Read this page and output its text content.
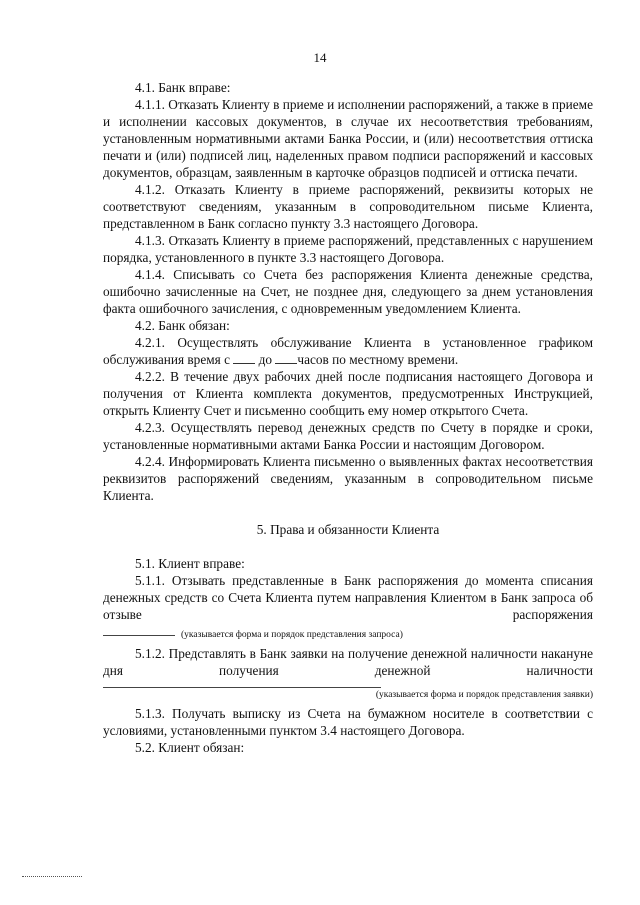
14

4.1. Банк вправе:

4.1.1. Отказать Клиенту в приеме и исполнении распоряжений, а также в приеме и исполнении кассовых документов, в случае их несоответствия требованиям, установленным нормативными актами Банка России, и (или) несоответствия оттиска печати и (или) подписей лиц, наделенных правом подписи распоряжений и кассовых документов, образцам, заявленным в карточке образцов подписей и оттиска печати.

4.1.2. Отказать Клиенту в приеме распоряжений, реквизиты которых не соответствуют сведениям, указанным в сопроводительном письме Клиента, представленном в Банк согласно пункту 3.3 настоящего Договора.

4.1.3. Отказать Клиенту в приеме распоряжений, представленных с нарушением порядка, установленного в пункте 3.3 настоящего Договора.

4.1.4. Списывать со Счета без распоряжения Клиента денежные средства, ошибочно зачисленные на Счет, не позднее дня, следующего за днем установления факта ошибочного зачисления, с одновременным уведомлением Клиента.

4.2. Банк обязан:

4.2.1. Осуществлять обслуживание Клиента в установленное графиком обслуживания время с  до часов по местному времени.

4.2.2. В течение двух рабочих дней после подписания настоящего Договора и получения от Клиента комплекта документов, предусмотренных Инструкцией, открыть Клиенту Счет и письменно сообщить ему номер открытого Счета.

4.2.3. Осуществлять перевод денежных средств по Счету в порядке и сроки, установленные нормативными актами Банка России и настоящим Договором.

4.2.4. Информировать Клиента письменно о выявленных фактах несоответствия реквизитов распоряжений сведениям, указанным в сопроводительном письме Клиента.

5. Права и обязанности Клиента

5.1. Клиент вправе:

5.1.1. Отзывать представленные в Банк распоряжения до момента списания денежных средств со Счета Клиента путем направления Клиентом в Банк запроса об отзыве распоряжения

(указывается форма и порядок представления запроса)

5.1.2. Представлять в Банк заявки на получение денежной наличности накануне дня получения денежной наличности

(указывается форма и порядок представления заявки)

5.1.3. Получать выписку из Счета на бумажном носителе в соответствии с условиями, установленными пунктом 3.4 настоящего Договора.

5.2. Клиент обязан:
